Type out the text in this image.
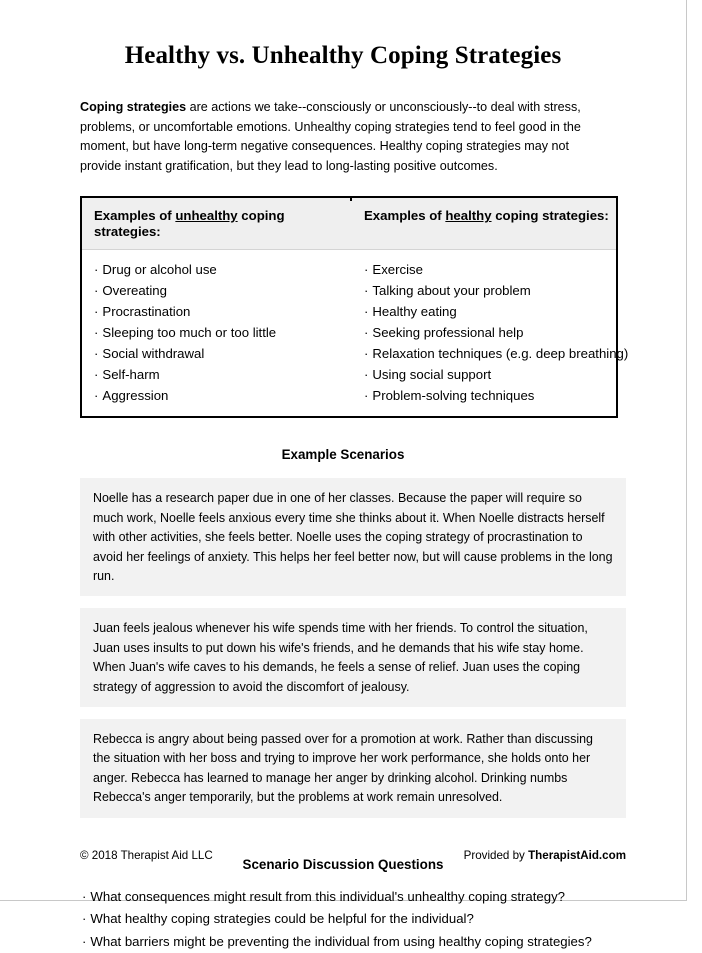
Healthy vs. Unhealthy Coping Strategies

Coping strategies are actions we take--consciously or unconsciously--to deal with stress, problems, or uncomfortable emotions. Unhealthy coping strategies tend to feel good in the moment, but have long-term negative consequences. Healthy coping strategies may not provide instant gratification, but they lead to long-lasting positive outcomes.

Examples of unhealthy coping strategies:
Examples of healthy coping strategies:
· Drug or alcohol use
· Overeating
· Procrastination
· Sleeping too much or too little
· Social withdrawal
· Self-harm
· Aggression
· Exercise
· Talking about your problem
· Healthy eating
· Seeking professional help
· Relaxation techniques (e.g. deep breathing)
· Using social support
· Problem-solving techniques
Example Scenarios

Noelle has a research paper due in one of her classes. Because the paper will require so much work, Noelle feels anxious every time she thinks about it. When Noelle distracts herself with other activities, she feels better. Noelle uses the coping strategy of procrastination to avoid her feelings of anxiety. This helps her feel better now, but will cause problems in the long run.

Juan feels jealous whenever his wife spends time with her friends. To control the situation, Juan uses insults to put down his wife's friends, and he demands that his wife stay home. When Juan's wife caves to his demands, he feels a sense of relief. Juan uses the coping strategy of aggression to avoid the discomfort of jealousy.

Rebecca is angry about being passed over for a promotion at work. Rather than discussing the situation with her boss and trying to improve her work performance, she holds onto her anger. Rebecca has learned to manage her anger by drinking alcohol. Drinking numbs Rebecca's anger temporarily, but the problems at work remain unresolved.

Scenario Discussion Questions
· What consequences might result from this individual's unhealthy coping strategy?
· What healthy coping strategies could be helpful for the individual?
· What barriers might be preventing the individual from using healthy coping strategies?
© 2018 Therapist Aid LLC	Provided by TherapistAid.com
